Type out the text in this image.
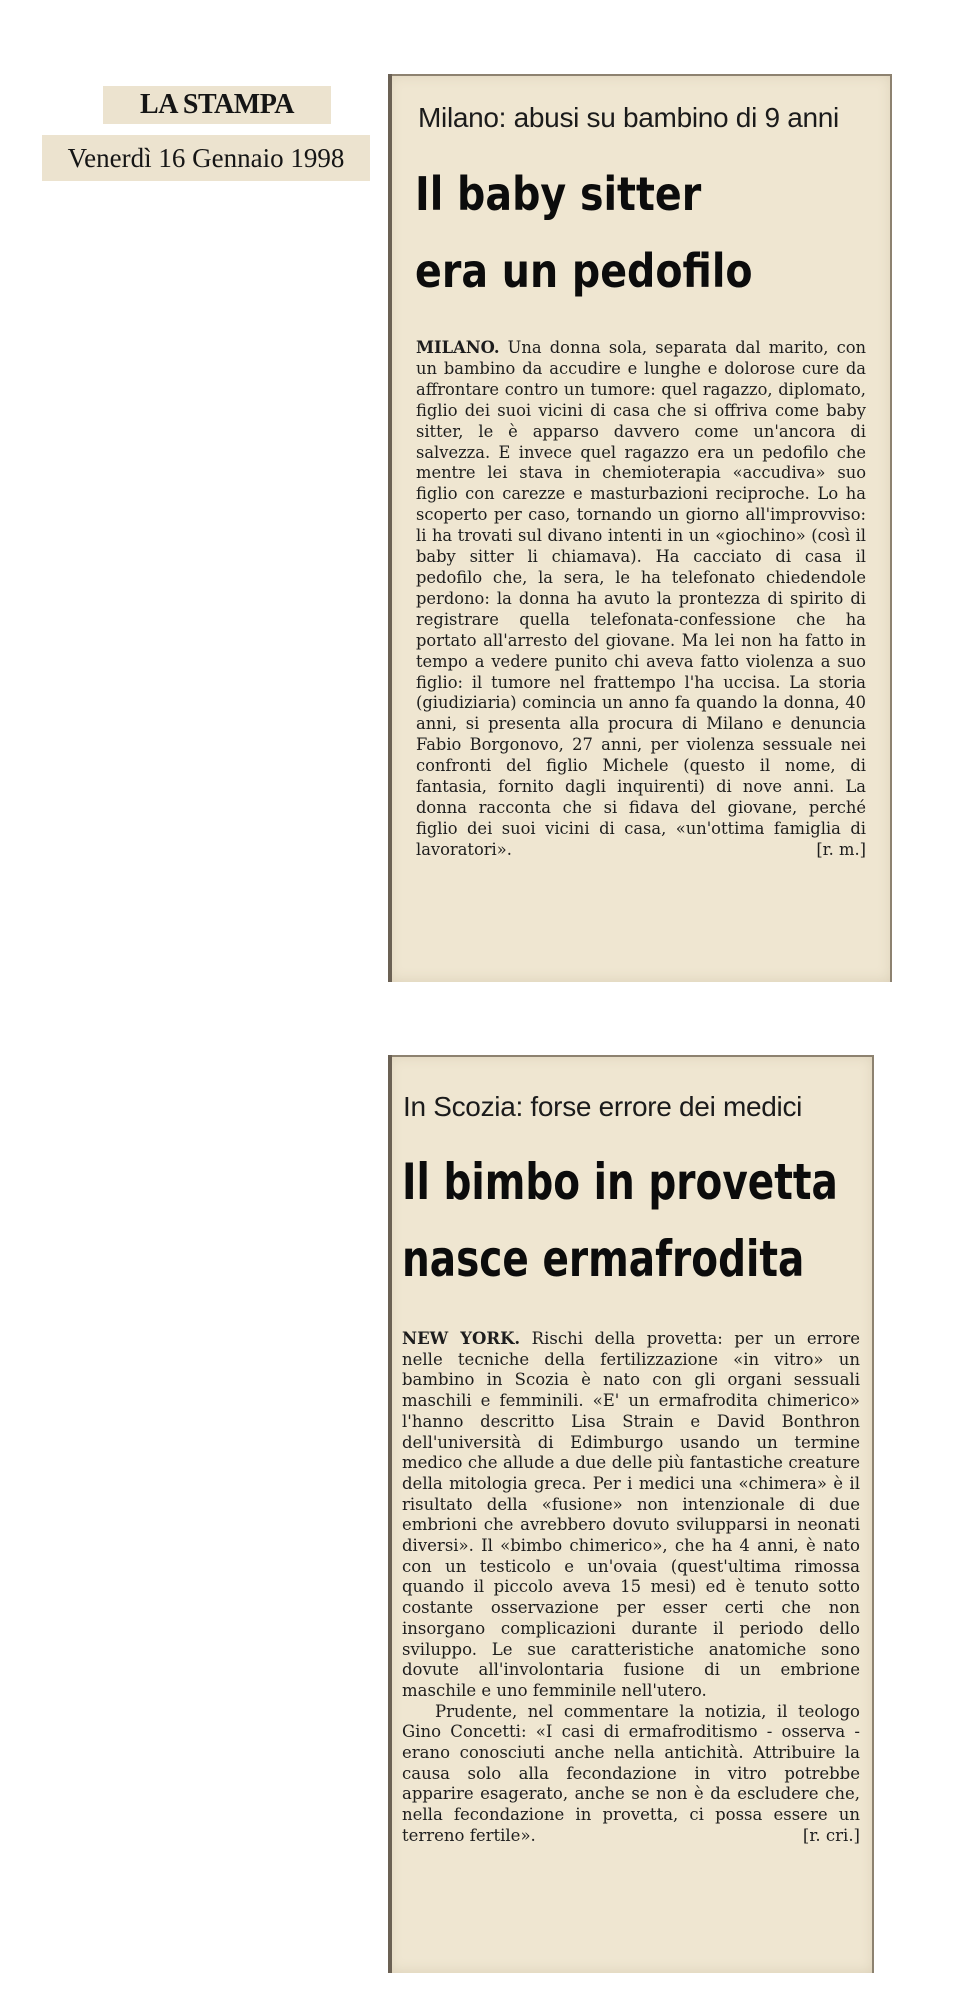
LA STAMPA
Venerdì 16 Gennaio 1998
Milano: abusi su bambino di 9 anni
Il baby sitter
era un pedofilo

MILANO. Una donna sola, separata dal marito, con un bambino da accudire e lunghe e dolorose cure da affrontare contro un tumore: quel ragazzo, diplomato, figlio dei suoi vicini di casa che si offriva come baby sitter, le è apparso davvero come un'ancora di salvezza. E invece quel ragazzo era un pedofilo che mentre lei stava in chemioterapia «accudiva» suo figlio con carezze e masturbazioni reciproche. Lo ha scoperto per caso, tornando un giorno all'improvviso: li ha trovati sul divano intenti in un «giochino» (così il baby sitter li chiamava). Ha cacciato di casa il pedofilo che, la sera, le ha telefonato chiedendole perdono: la donna ha avuto la prontezza di spirito di registrare quella telefonata-confessione che ha portato all'arresto del giovane. Ma lei non ha fatto in tempo a vedere punito chi aveva fatto violenza a suo figlio: il tumore nel frattempo l'ha uccisa. La storia (giudiziaria) comincia un anno fa quando la donna, 40 anni, si presenta alla procura di Milano e denuncia Fabio Borgonovo, 27 anni, per violenza sessuale nei confronti del figlio Michele (questo il nome, di fantasia, fornito dagli inquirenti) di nove anni. La donna racconta che si fidava del giovane, perché figlio dei suoi vicini di casa, «un'ottima famiglia di lavoratori».	[r. m.]

In Scozia: forse errore dei medici
Il bimbo in provetta
nasce ermafrodita

NEW YORK. Rischi della provetta: per un errore nelle tecniche della fertilizzazione «in vitro» un bambino in Scozia è nato con gli organi sessuali maschili e femminili. «E' un ermafrodita chimerico» l'hanno descritto Lisa Strain e David Bonthron dell'università di Edimburgo usando un termine medico che allude a due delle più fantastiche creature della mitologia greca. Per i medici una «chimera» è il risultato della «fusione» non intenzionale di due embrioni che avrebbero dovuto svilupparsi in neonati diversi». Il «bimbo chimerico», che ha 4 anni, è nato con un testicolo e un'ovaia (quest'ultima rimossa quando il piccolo aveva 15 mesi) ed è tenuto sotto costante osservazione per esser certi che non insorgano complicazioni durante il periodo dello sviluppo. Le sue caratteristiche anatomiche sono dovute all'involontaria fusione di un embrione maschile e uno femminile nell'utero.

Prudente, nel commentare la notizia, il teologo Gino Concetti: «I casi di ermafroditismo - osserva - erano conosciuti anche nella antichità. Attribuire la causa solo alla fecondazione in vitro potrebbe apparire esagerato, anche se non è da escludere che, nella fecondazione in provetta, ci possa essere un terreno fertile».	[r. cri.]
